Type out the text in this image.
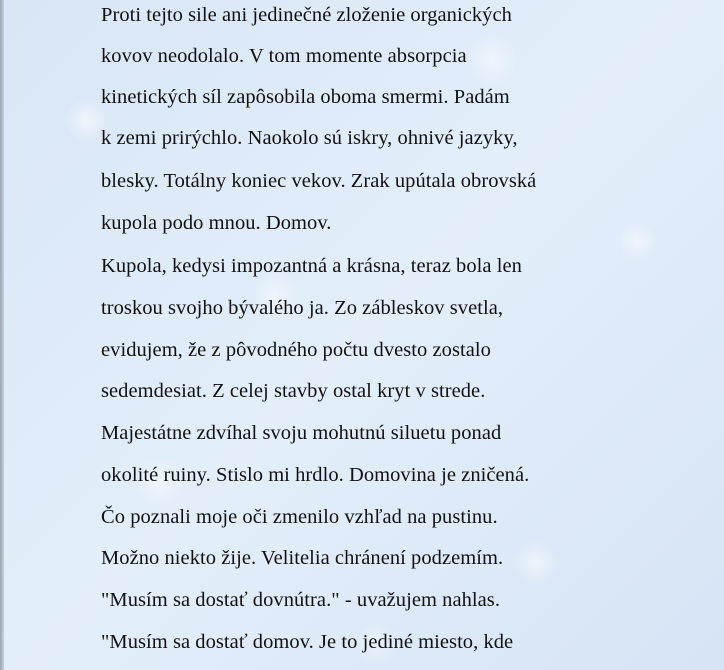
Proti tejto sile ani jedinečné zloženie organických
kovov neodolalo. V tom momente absorpcia
kinetických síl zapôsobila oboma smermi. Padám
k zemi prirýchlo. Naokolo sú iskry, ohnivé jazyky,
blesky. Totálny koniec vekov. Zrak upútala obrovská
kupola podo mnou. Domov.
Kupola, kedysi impozantná a krásna, teraz bola len
troskou svojho bývalého ja. Zo zábleskov svetla,
evidujem, že z pôvodného počtu dvesto zostalo
sedemdesiat. Z celej stavby ostal kryt v strede.
Majestátne zdvíhal svoju mohutnú siluetu ponad
okolité ruiny. Stislo mi hrdlo. Domovina je zničená.
Čo poznali moje oči zmenilo vzhľad na pustinu.
Možno niekto žije. Velitelia chránení podzemím.
"Musím sa dostať dovnútra." - uvažujem nahlas.
"Musím sa dostať domov. Je to jediné miesto, kde
